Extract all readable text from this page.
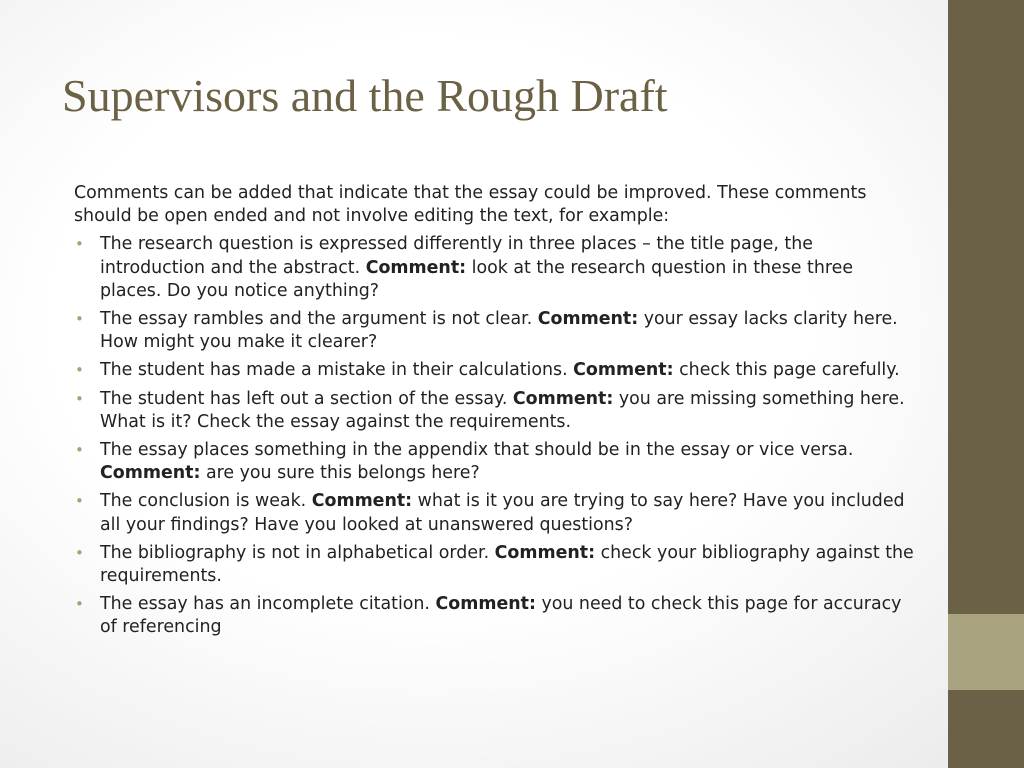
Supervisors and the Rough Draft

Comments can be added that indicate that the essay could be improved. These comments should be open ended and not involve editing the text, for example:

• The research question is expressed differently in three places – the title page, the introduction and the abstract. Comment: look at the research question in these three places. Do you notice anything?
• The essay rambles and the argument is not clear. Comment: your essay lacks clarity here. How might you make it clearer?
• The student has made a mistake in their calculations. Comment: check this page carefully.
• The student has left out a section of the essay. Comment: you are missing something here. What is it? Check the essay against the requirements.
• The essay places something in the appendix that should be in the essay or vice versa. Comment: are you sure this belongs here?
• The conclusion is weak. Comment: what is it you are trying to say here? Have you included all your findings? Have you looked at unanswered questions?
• The bibliography is not in alphabetical order. Comment: check your bibliography against the requirements.
• The essay has an incomplete citation. Comment: you need to check this page for accuracy of referencing
